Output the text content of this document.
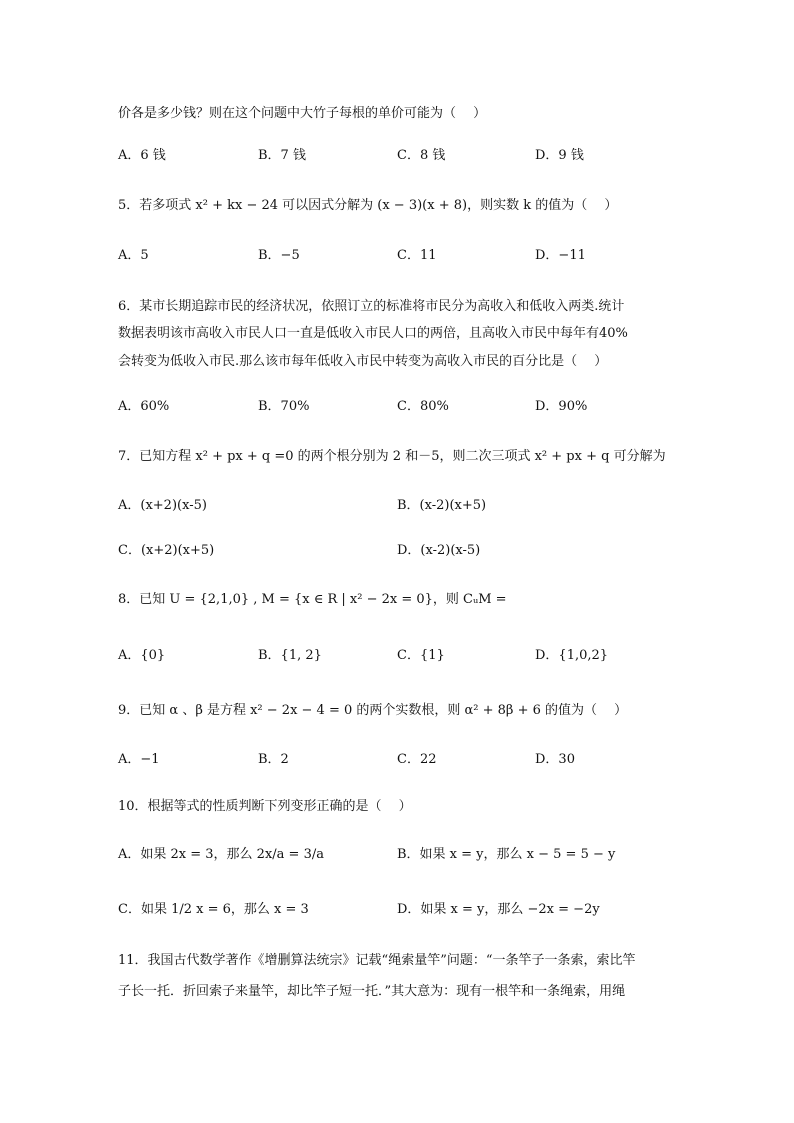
价各是多少钱？则在这个问题中大竹子每根的单价可能为（　 ）
A．6 钱	B．7 钱	C．8 钱	D．9 钱
5．若多项式 x² + kx − 24 可以因式分解为 (x − 3)(x + 8)，则实数 k 的值为（　 ）
A．5	B．−5	C．11	D．−11
6．某市长期追踪市民的经济状况，依照订立的标准将市民分为高收入和低收入两类.统计
数据表明该市高收入市民人口一直是低收入市民人口的两倍，且高收入市民中每年有40%
会转变为低收入市民.那么该市每年低收入市民中转变为高收入市民的百分比是（　 ）
A．60%	B．70%	C．80%	D．90%
7．已知方程 x² + px + q =0 的两个根分别为 2 和－5，则二次三项式 x² + px + q 可分解为
A．(x+2)(x-5)	B．(x-2)(x+5)
C．(x+2)(x+5)	D．(x-2)(x-5)
8．已知 U = {2,1,0} , M = {x ∈ R | x² − 2x = 0}，则 CᵤM =
A．{0}	B．{1, 2}	C．{1}	D．{1,0,2}
9．已知 α 、β 是方程 x² − 2x − 4 = 0 的两个实数根，则 α² + 8β + 6 的值为（　 ）
A．−1	B．2	C．22	D．30
10．根据等式的性质判断下列变形正确的是（　 ）
A．如果 2x = 3，那么 2x/a = 3/a	B．如果 x = y，那么 x − 5 = 5 − y
C．如果 1/2 x = 6，那么 x = 3	D．如果 x = y，那么 −2x = −2y
11．我国古代数学著作《增删算法统宗》记载“绳索量竿”问题：“一条竿子一条索，索比竿
子长一托．折回索子来量竿，却比竿子短一托．”其大意为：现有一根竿和一条绳索，用绳
